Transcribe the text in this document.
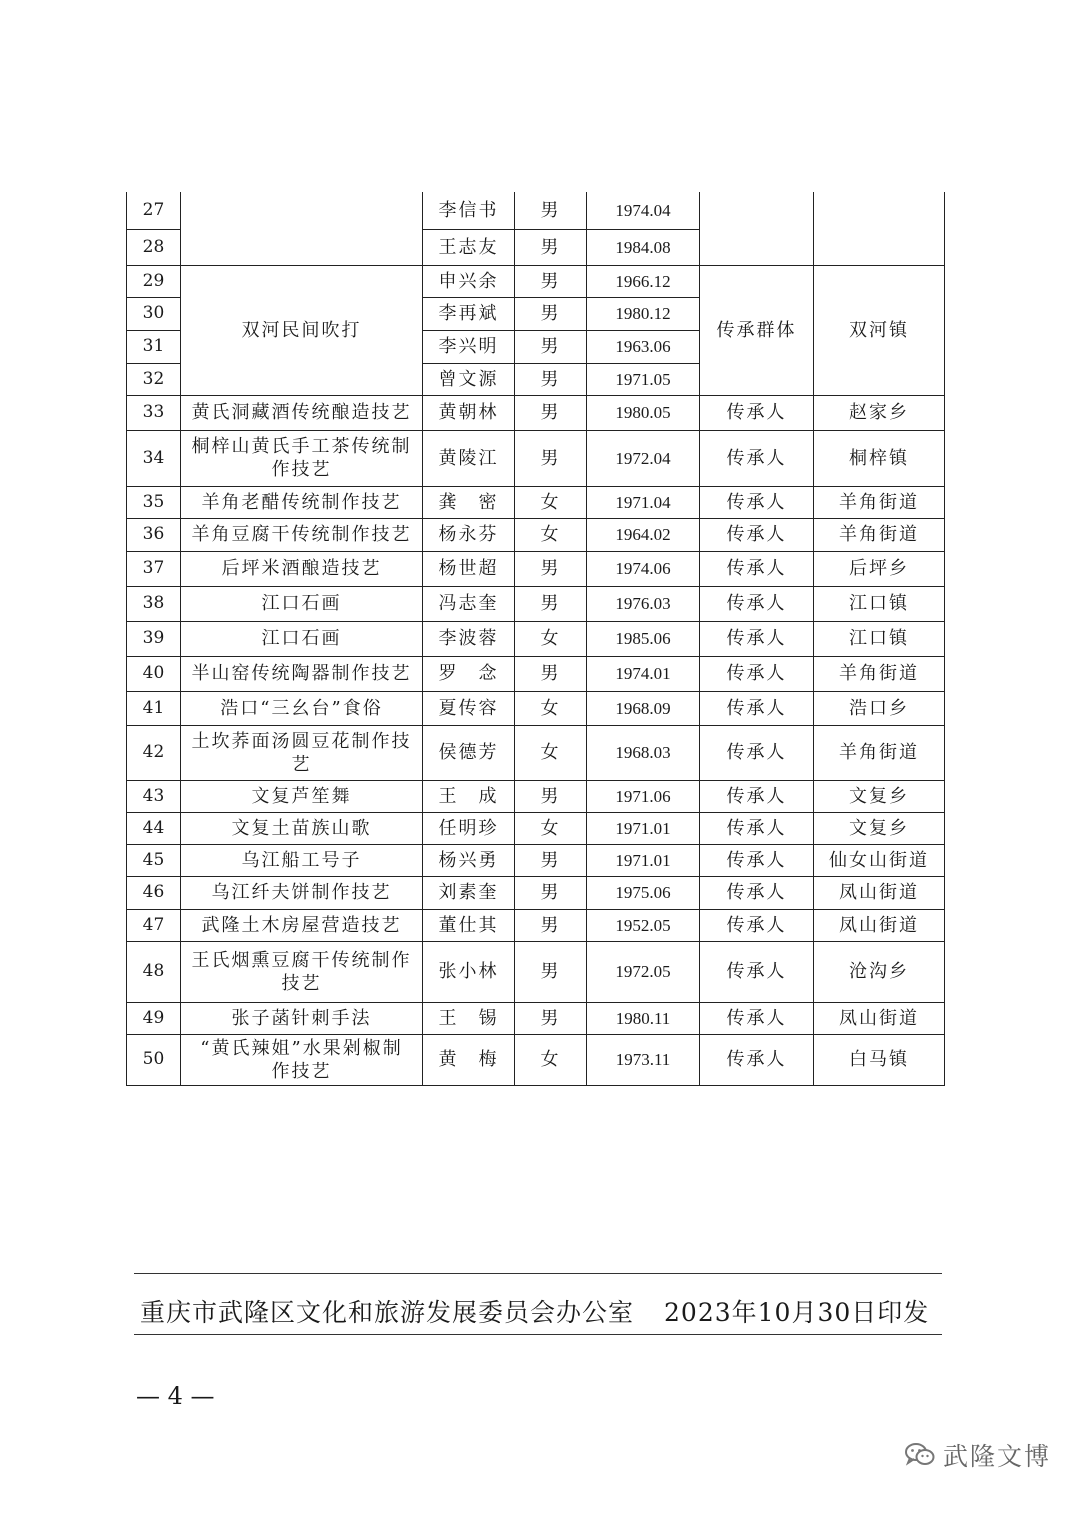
27		李信书	男	1974.04		
28		王志友	男	1984.08		
29	双河民间吹打	申兴余	男	1966.12	传承群体	双河镇
30		李再斌	男	1980.12		
31		李兴明	男	1963.06		
32		曾文源	男	1971.05		
33	黄氏洞藏酒传统酿造技艺	黄朝林	男	1980.05	传承人	赵家乡
34	桐梓山黄氏手工茶传统制作技艺	黄陵江	男	1972.04	传承人	桐梓镇
35	羊角老醋传统制作技艺	龚　密	女	1971.04	传承人	羊角街道
36	羊角豆腐干传统制作技艺	杨永芬	女	1964.02	传承人	羊角街道
37	后坪米酒酿造技艺	杨世超	男	1974.06	传承人	后坪乡
38	江口石画	冯志奎	男	1976.03	传承人	江口镇
39	江口石画	李波蓉	女	1985.06	传承人	江口镇
40	半山窑传统陶器制作技艺	罗　念	男	1974.01	传承人	羊角街道
41	浩口“三幺台”食俗	夏传容	女	1968.09	传承人	浩口乡
42	土坎荞面汤圆豆花制作技艺	侯德芳	女	1968.03	传承人	羊角街道
43	文复芦笙舞	王　成	男	1971.06	传承人	文复乡
44	文复土苗族山歌	任明珍	女	1971.01	传承人	文复乡
45	乌江船工号子	杨兴勇	男	1971.01	传承人	仙女山街道
46	乌江纤夫饼制作技艺	刘素奎	男	1975.06	传承人	凤山街道
47	武隆土木房屋营造技艺	董仕其	男	1952.05	传承人	凤山街道
48	王氏烟熏豆腐干传统制作技艺	张小林	男	1972.05	传承人	沧沟乡
49	张子菡针刺手法	王　锡	男	1980.11	传承人	凤山街道
50	“黄氏辣姐”水果剁椒制作技艺	黄　梅	女	1973.11	传承人	白马镇
重庆市武隆区文化和旅游发展委员会办公室 2023年10月30日印发
— 4 —
武隆文博
